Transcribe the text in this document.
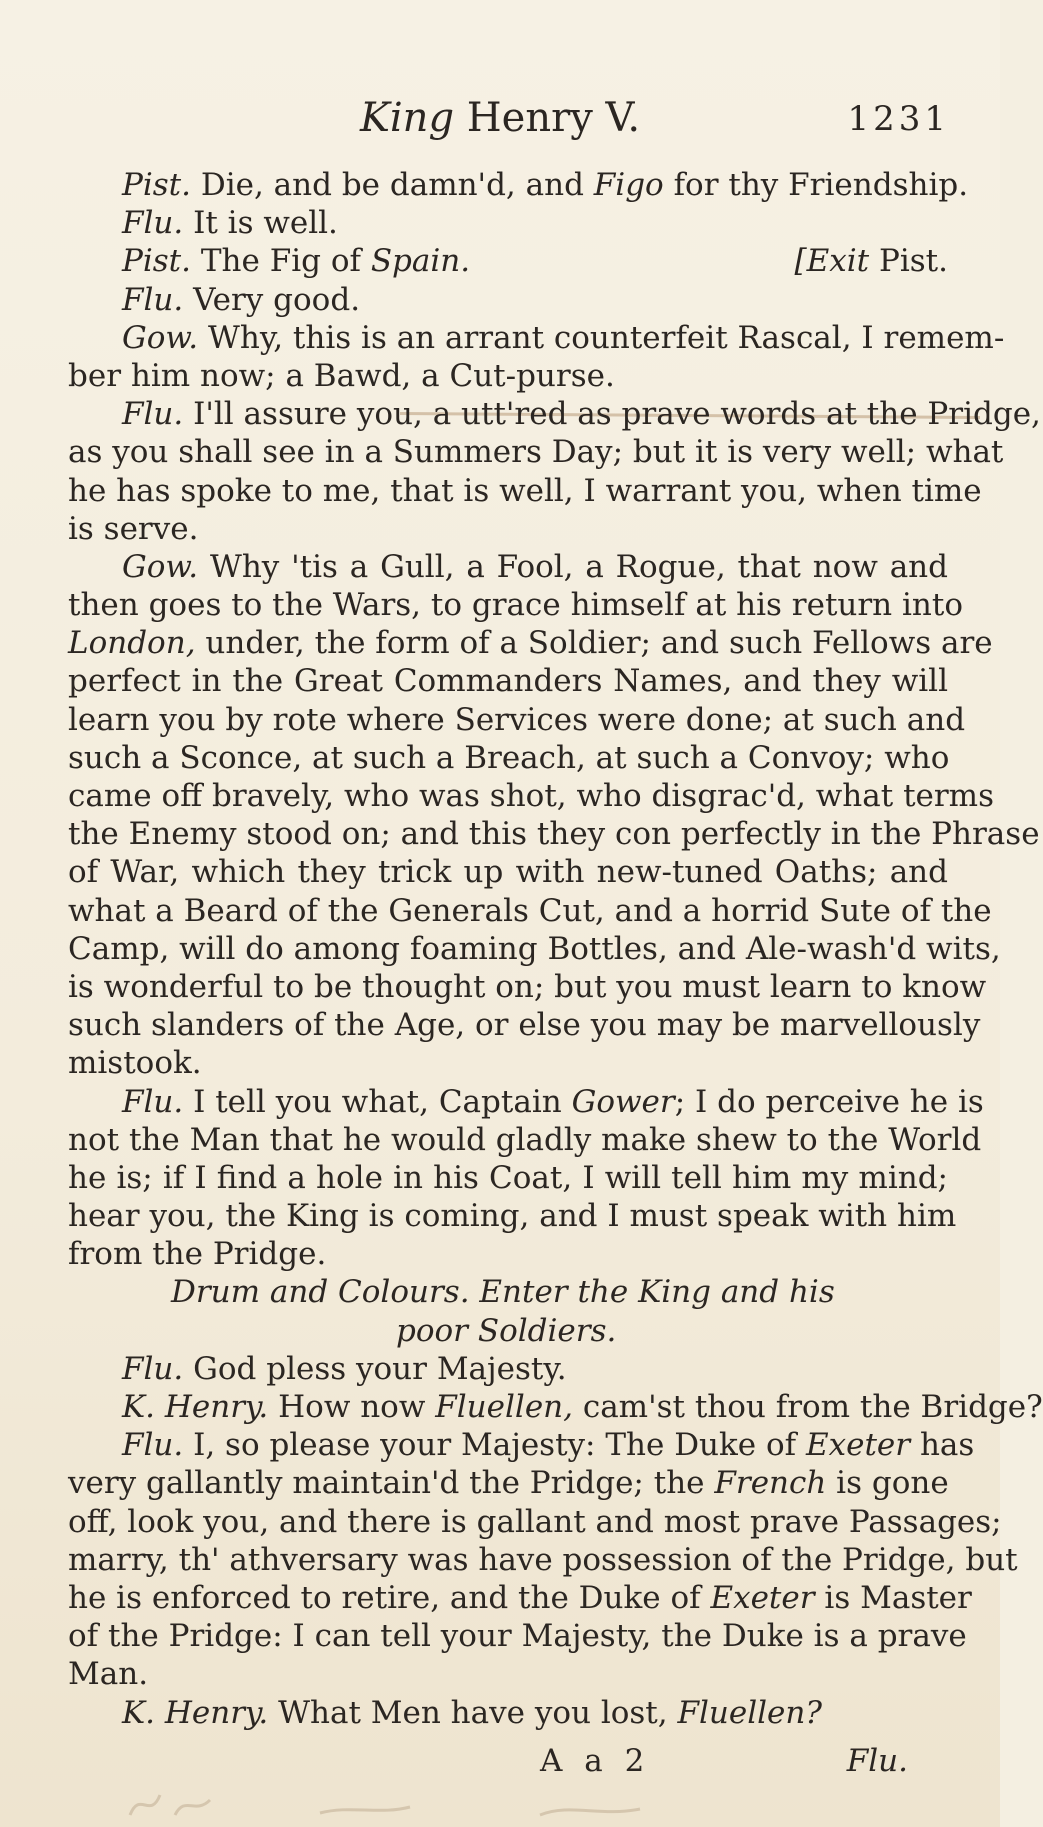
King Henry V.	1231
Pist. Die, and be damn'd, and Figo for thy Friendship.
Flu. It is well.
Pist. The Fig of Spain.	[Exit Pist.
Flu. Very good.
Gow. Why, this is an arrant counterfeit Rascal, I remem-
ber him now; a Bawd, a Cut-purse.
Flu. I'll assure you, a utt'red as prave words at the Pridge,
as you shall see in a Summers Day; but it is very well; what
he has spoke to me, that is well, I warrant you, when time
is serve.
Gow. Why 'tis a Gull, a Fool, a Rogue, that now and
then goes to the Wars, to grace himself at his return into
London, under, the form of a Soldier; and such Fellows are
perfect in the Great Commanders Names, and they will
learn you by rote where Services were done; at such and
such a Sconce, at such a Breach, at such a Convoy; who
came off bravely, who was shot, who disgrac'd, what terms
the Enemy stood on; and this they con perfectly in the Phrase
of War, which they trick up with new-tuned Oaths; and
what a Beard of the Generals Cut, and a horrid Sute of the
Camp, will do among foaming Bottles, and Ale-wash'd wits,
is wonderful to be thought on; but you must learn to know
such slanders of the Age, or else you may be marvellously
mistook.
Flu. I tell you what, Captain Gower; I do perceive he is
not the Man that he would gladly make shew to the World
he is; if I find a hole in his Coat, I will tell him my mind;
hear you, the King is coming, and I must speak with him
from the Pridge.
Drum and Colours. Enter the King and his
poor Soldiers.
Flu. God pless your Majesty.
K. Henry. How now Fluellen, cam'st thou from the Bridge?
Flu. I, so please your Majesty: The Duke of Exeter has
very gallantly maintain'd the Pridge; the French is gone
off, look you, and there is gallant and most prave Passages;
marry, th' athversary was have possession of the Pridge, but
he is enforced to retire, and the Duke of Exeter is Master
of the Pridge: I can tell your Majesty, the Duke is a prave
Man.
K. Henry. What Men have you lost, Fluellen?
A a 2	Flu.
